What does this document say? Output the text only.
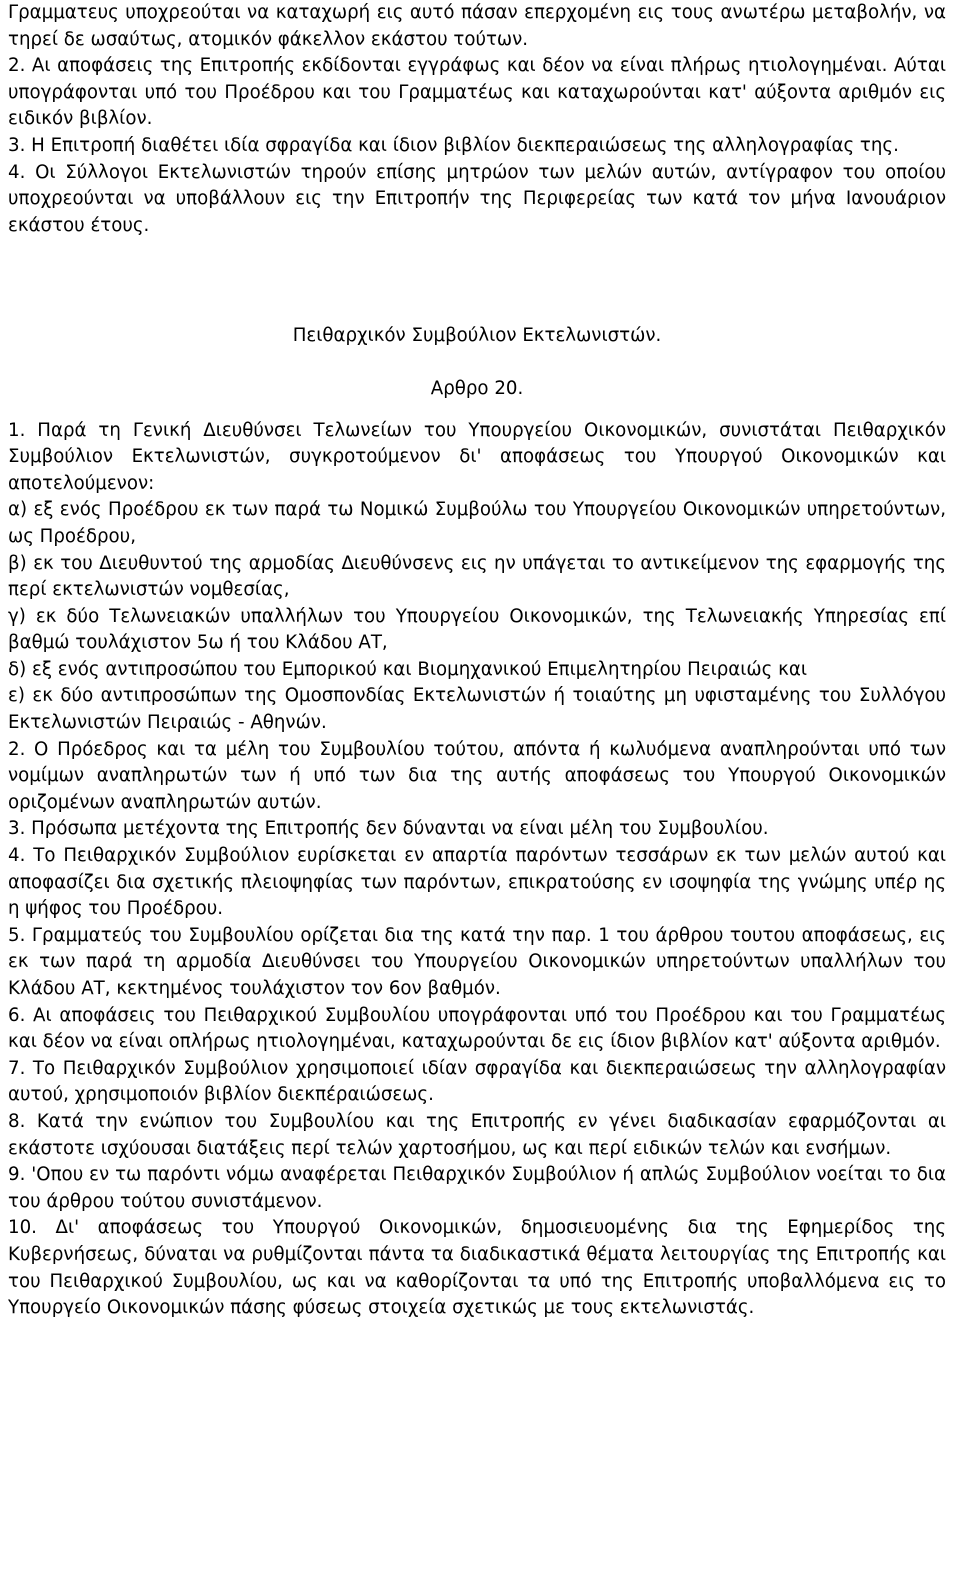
Γραμματευς υποχρεούται να καταχωρή εις αυτό πάσαν επερχομένη εις τους ανωτέρω μεταβολήν, να τηρεί δε ωσαύτως, ατομικόν φάκελλον εκάστου τούτων.

2. Αι αποφάσεις της Επιτροπής εκδίδονται εγγράφως και δέον να είναι πλήρως ητιολογημέναι. Αύται υπογράφονται υπό του Προέδρου και του Γραμματέως και καταχωρούνται κατ' αύξοντα αριθμόν εις ειδικόν βιβλίον.

3. Η Επιτροπή διαθέτει ιδία σφραγίδα και ίδιον βιβλίον διεκπεραιώσεως της αλληλογραφίας της.

4. Οι Σύλλογοι Εκτελωνιστών τηρούν επίσης μητρώον των μελών αυτών, αντίγραφον του οποίου υποχρεούνται να υποβάλλουν εις την Επιτροπήν της Περιφερείας των κατά τον μήνα Ιανουάριον εκάστου έτους.

Πειθαρχικόν Συμβούλιον Εκτελωνιστών.

Αρθρο 20.

1. Παρά τη Γενική Διευθύνσει Τελωνείων του Υπουργείου Οικονομικών, συνιστάται Πειθαρχικόν Συμβούλιον Εκτελωνιστών, συγκροτούμενον δι' αποφάσεως του Υπουργού Οικονομικών και αποτελούμενον:

α) εξ ενός Προέδρου εκ των παρά τω Νομικώ Συμβούλω του Υπουργείου Οικονομικών υπηρετούντων, ως Προέδρου,

β) εκ του Διευθυντού της αρμοδίας Διευθύνσενς εις ην υπάγεται το αντικείμενον της εφαρμογής της περί εκτελωνιστών νομθεσίας,

γ) εκ δύο Τελωνειακών υπαλλήλων του Υπουργείου Οικονομικών, της Τελωνειακής Υπηρεσίας επί βαθμώ τουλάχιστον 5ω ή του Κλάδου ΑΤ,

δ) εξ ενός αντιπροσώπου του Εμπορικού και Βιομηχανικού Επιμελητηρίου Πειραιώς και

ε) εκ δύο αντιπροσώπων της Ομοσπονδίας Εκτελωνιστών ή τοιαύτης μη υφισταμένης του Συλλόγου Εκτελωνιστών Πειραιώς - Αθηνών.

2. Ο Πρόεδρος και τα μέλη του Συμβουλίου τούτου, απόντα ή κωλυόμενα αναπληρούνται υπό των νομίμων αναπληρωτών των ή υπό των δια της αυτής αποφάσεως του Υπουργού Οικονομικών οριζομένων αναπληρωτών αυτών.

3. Πρόσωπα μετέχοντα της Επιτροπής δεν δύνανται να είναι μέλη του Συμβουλίου.

4. Το Πειθαρχικόν Συμβούλιον ευρίσκεται εν απαρτία παρόντων τεσσάρων εκ των μελών αυτού και αποφασίζει δια σχετικής πλειοψηφίας των παρόντων, επικρατούσης εν ισοψηφία της γνώμης υπέρ ης η ψήφος του Προέδρου.

5. Γραμματεύς του Συμβουλίου ορίζεται δια της κατά την παρ. 1 του άρθρου τουτου αποφάσεως, εις εκ των παρά τη αρμοδία Διευθύνσει του Υπουργείου Οικονομικών υπηρετούντων υπαλλήλων του Κλάδου ΑΤ, κεκτημένος τουλάχιστον τον 6ον βαθμόν.

6. Αι αποφάσεις του Πειθαρχικού Συμβουλίου υπογράφονται υπό του Προέδρου και του Γραμματέως και δέον να είναι οπλήρως ητιολογημέναι, καταχωρούνται δε εις ίδιον βιβλίον κατ' αύξοντα αριθμόν.

7. Το Πειθαρχικόν Συμβούλιον χρησιμοποιεί ιδίαν σφραγίδα και διεκπεραιώσεως την αλληλογραφίαν αυτού, χρησιμοποιόν βιβλίον διεκπέραιώσεως.

8. Κατά την ενώπιον του Συμβουλίου και της Επιτροπής εν γένει διαδικασίαν εφαρμόζονται αι εκάστοτε ισχύουσαι διατάξεις περί τελών χαρτοσήμου, ως και περί ειδικών τελών και ενσήμων.

9. 'Οπου εν τω παρόντι νόμω αναφέρεται Πειθαρχικόν Συμβούλιον ή απλώς Συμβούλιον νοείται το δια του άρθρου τούτου συνιστάμενον.

10. Δι' αποφάσεως του Υπουργού Οικονομικών, δημοσιευομένης δια της Εφημερίδος της Κυβερνήσεως, δύναται να ρυθμίζονται πάντα τα διαδικαστικά θέματα λειτουργίας της Επιτροπής και του Πειθαρχικού Συμβουλίου, ως και να καθορίζονται τα υπό της Επιτροπής υποβαλλόμενα εις το Υπουργείο Οικονομικών πάσης φύσεως στοιχεία σχετικώς με τους εκτελωνιστάς.
